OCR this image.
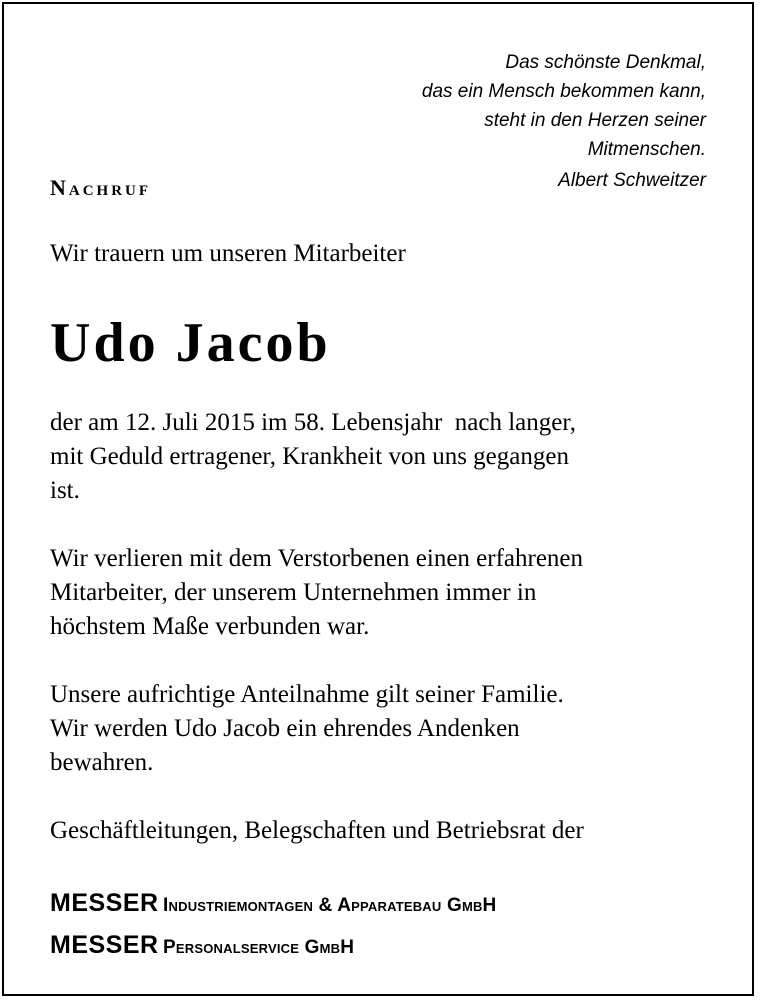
Das schönste Denkmal,
das ein Mensch bekommen kann,
steht in den Herzen seiner
Mitmenschen.
Albert Schweitzer
Nachruf
Wir trauern um unseren Mitarbeiter
Udo Jacob
der am 12. Juli 2015 im 58. Lebensjahr  nach langer,
mit Geduld ertragener, Krankheit von uns gegangen
ist.
Wir verlieren mit dem Verstorbenen einen erfahrenen
Mitarbeiter, der unserem Unternehmen immer in
höchstem Maße verbunden war.
Unsere aufrichtige Anteilnahme gilt seiner Familie.
Wir werden Udo Jacob ein ehrendes Andenken
bewahren.
Geschäftleitungen, Belegschaften und Betriebsrat der
MESSER Industriemontagen & Apparatebau GmbH
MESSER Personalservice GmbH
